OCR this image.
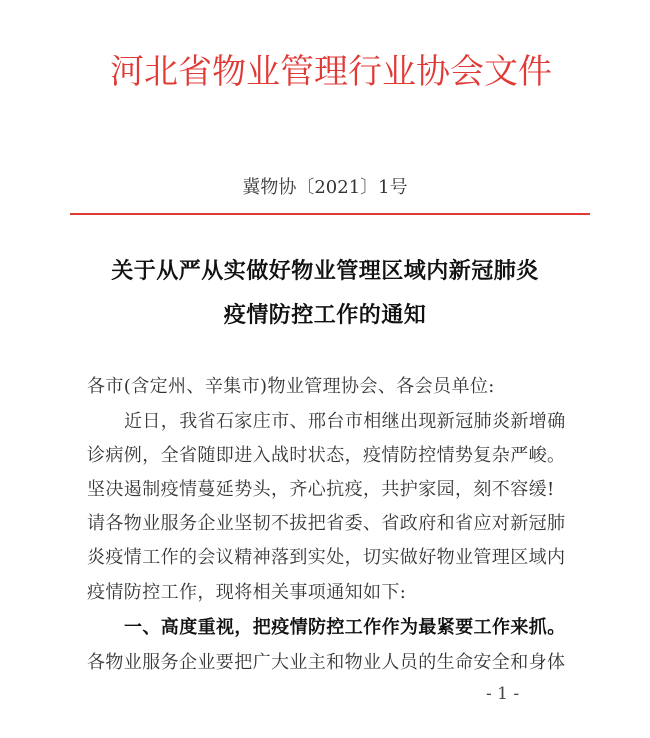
河北省物业管理行业协会文件
冀物协〔2021〕1号
关于从严从实做好物业管理区域内新冠肺炎
疫情防控工作的通知
各市(含定州、辛集市)物业管理协会、各会员单位:
近日，我省石家庄市、邢台市相继出现新冠肺炎新增确
诊病例，全省随即进入战时状态，疫情防控情势复杂严峻。
坚决遏制疫情蔓延势头，齐心抗疫，共护家园，刻不容缓!
请各物业服务企业坚韧不拔把省委、省政府和省应对新冠肺
炎疫情工作的会议精神落到实处，切实做好物业管理区域内
疫情防控工作，现将相关事项通知如下:
一、高度重视，把疫情防控工作作为最紧要工作来抓。
各物业服务企业要把广大业主和物业人员的生命安全和身体
- 1 -
